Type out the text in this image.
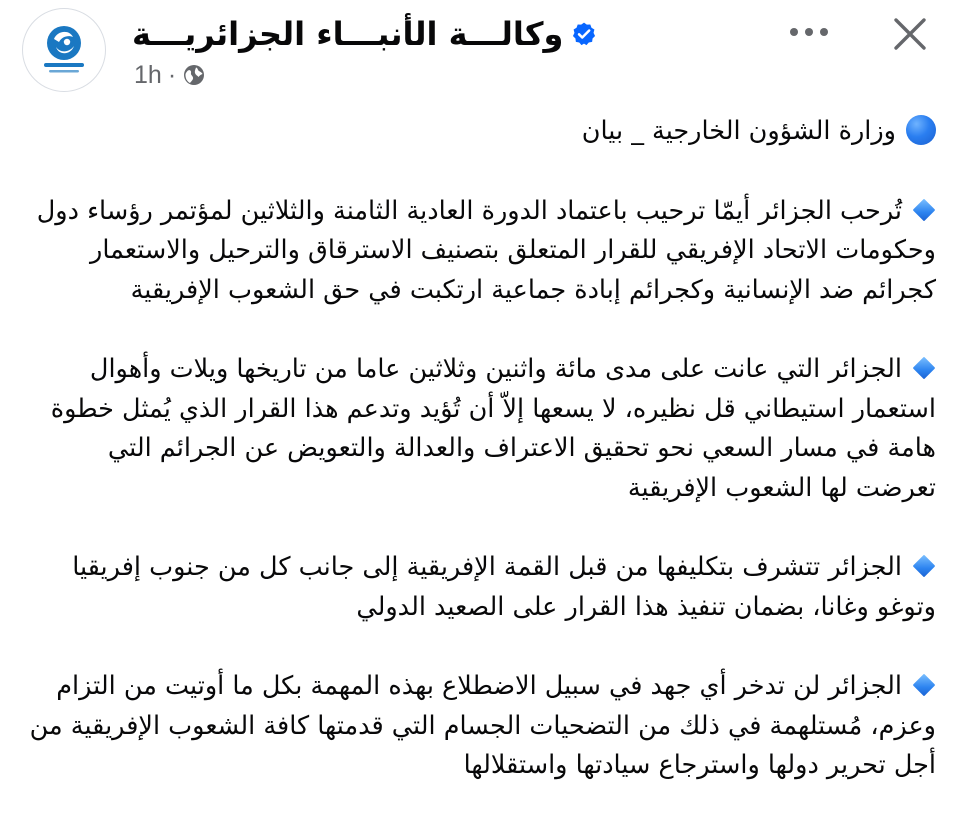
وكالـــة الأنبـــاء الجزائريـــة
1h ·

وزارة الشؤون الخارجية _ بيان

تُرحب الجزائر أيمّا ترحيب باعتماد الدورة العادية الثامنة والثلاثين لمؤتمر رؤساء دول وحكومات الاتحاد الإفريقي للقرار المتعلق بتصنيف الاسترقاق والترحيل والاستعمار كجرائم ضد الإنسانية وكجرائم إبادة جماعية ارتكبت في حق الشعوب الإفريقية

الجزائر التي عانت على مدى مائة واثنين وثلاثين عاما من تاريخها ويلات وأهوال استعمار استيطاني قل نظيره، لا يسعها إلاّ أن تُؤيد وتدعم هذا القرار الذي يُمثل خطوة هامة في مسار السعي نحو تحقيق الاعتراف والعدالة والتعويض عن الجرائم التي تعرضت لها الشعوب الإفريقية

الجزائر تتشرف بتكليفها من قبل القمة الإفريقية إلى جانب كل من جنوب إفريقيا وتوغو وغانا، بضمان تنفيذ هذا القرار على الصعيد الدولي

الجزائر لن تدخر أي جهد في سبيل الاضطلاع بهذه المهمة بكل ما أوتيت من التزام وعزم، مُستلهمة في ذلك من التضحيات الجسام التي قدمتها كافة الشعوب الإفريقية من أجل تحرير دولها واسترجاع سيادتها واستقلالها
